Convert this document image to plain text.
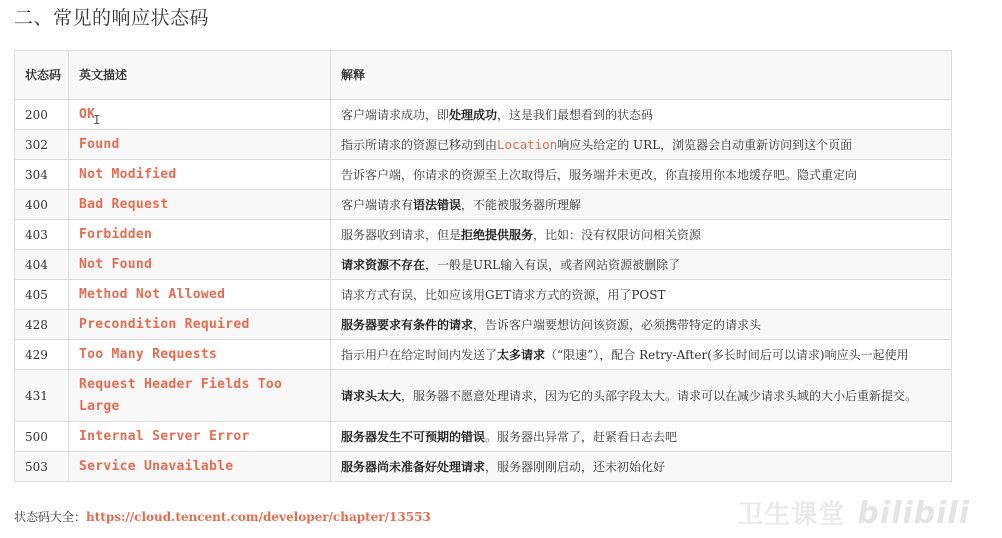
二、常见的响应状态码
状态码	英文描述	解释
200	OKI	客户端请求成功，即处理成功，这是我们最想看到的状态码
302	Found	指示所请求的资源已移动到由Location响应头给定的 URL，浏览器会自动重新访问到这个页面
304	Not Modified	告诉客户端，你请求的资源至上次取得后，服务端并未更改，你直接用你本地缓存吧。隐式重定向
400	Bad Request	客户端请求有语法错误，不能被服务器所理解
403	Forbidden	服务器收到请求，但是拒绝提供服务，比如：没有权限访问相关资源
404	Not Found	请求资源不存在，一般是URL输入有误，或者网站资源被删除了
405	Method Not Allowed	请求方式有误，比如应该用GET请求方式的资源，用了POST
428	Precondition Required	服务器要求有条件的请求，告诉客户端要想访问该资源，必须携带特定的请求头
429	Too Many Requests	指示用户在给定时间内发送了太多请求（“限速”），配合 Retry-After(多长时间后可以请求)响应头一起使用
431	Request Header Fields Too Large	请求头太大，服务器不愿意处理请求，因为它的头部字段太大。请求可以在减少请求头域的大小后重新提交。
500	Internal Server Error	服务器发生不可预期的错误。服务器出异常了，赶紧看日志去吧
503	Service Unavailable	服务器尚未准备好处理请求，服务器刚刚启动，还未初始化好
状态码大全：https://cloud.tencent.com/developer/chapter/13553	卫生课堂 bilibili
